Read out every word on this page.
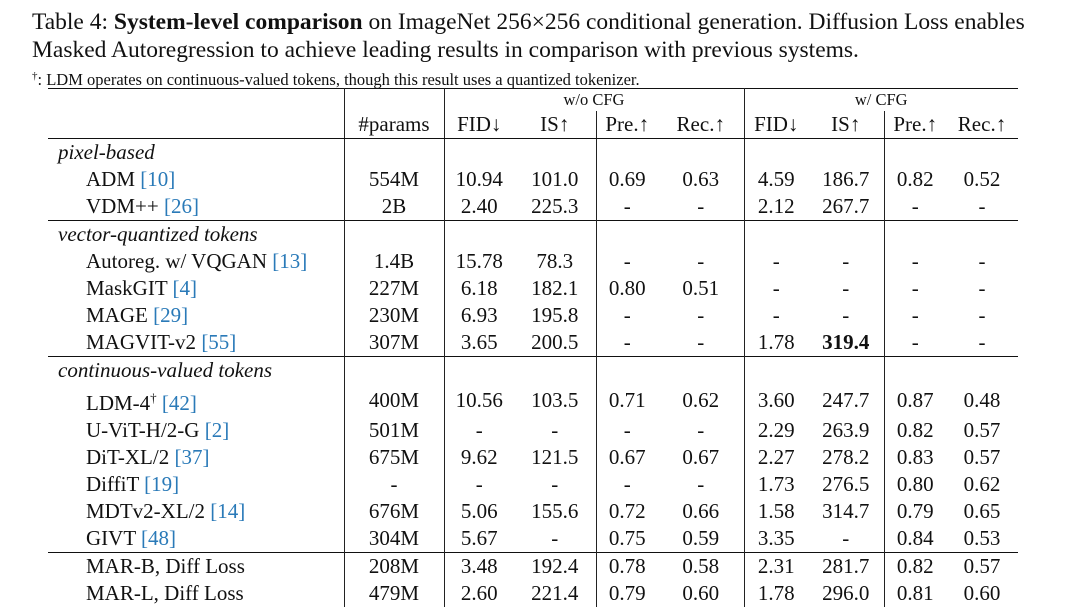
Table 4: System-level comparison on ImageNet 256×256 conditional generation. Diffusion Loss enables Masked Autoregression to achieve leading results in comparison with previous systems.
†: LDM operates on continuous-valued tokens, though this result uses a quantized tokenizer.
		w/o CFG				w/ CFG			
	#params	FID↓	IS↑	Pre.↑	Rec.↑	FID↓	IS↑	Pre.↑	Rec.↑
pixel-based									
ADM [10]	554M	10.94	101.0	0.69	0.63	4.59	186.7	0.82	0.52
VDM++ [26]	2B	2.40	225.3	-	-	2.12	267.7	-	-
vector-quantized tokens									
Autoreg. w/ VQGAN [13]	1.4B	15.78	78.3	-	-	-	-	-	-
MaskGIT [4]	227M	6.18	182.1	0.80	0.51	-	-	-	-
MAGE [29]	230M	6.93	195.8	-	-	-	-	-	-
MAGVIT-v2 [55]	307M	3.65	200.5	-	-	1.78	319.4	-	-
continuous-valued tokens									
LDM-4† [42]	400M	10.56	103.5	0.71	0.62	3.60	247.7	0.87	0.48
U-ViT-H/2-G [2]	501M	-	-	-	-	2.29	263.9	0.82	0.57
DiT-XL/2 [37]	675M	9.62	121.5	0.67	0.67	2.27	278.2	0.83	0.57
DiffiT [19]	-	-	-	-	-	1.73	276.5	0.80	0.62
MDTv2-XL/2 [14]	676M	5.06	155.6	0.72	0.66	1.58	314.7	0.79	0.65
GIVT [48]	304M	5.67	-	0.75	0.59	3.35	-	0.84	0.53
MAR-B, Diff Loss	208M	3.48	192.4	0.78	0.58	2.31	281.7	0.82	0.57
MAR-L, Diff Loss	479M	2.60	221.4	0.79	0.60	1.78	296.0	0.81	0.60
